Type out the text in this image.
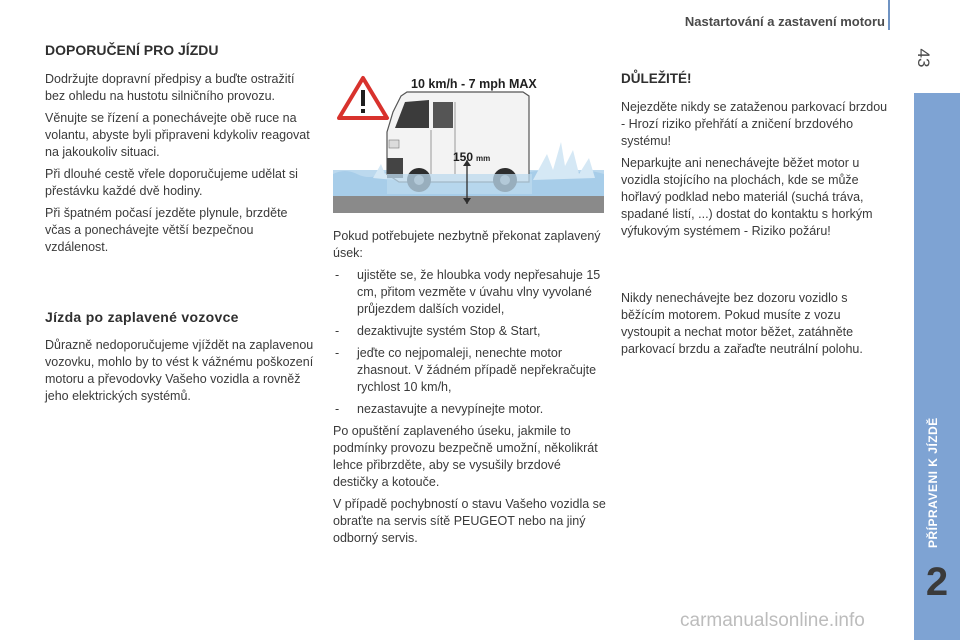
Nastartování a zastavení motoru
43
PŘÍPRAVENI K JÍZDĚ
2
DOPORUČENÍ PRO JÍZDU

Dodržujte dopravní předpisy a buďte ostražití bez ohledu na hustotu silničního provozu.

Věnujte se řízení a ponechávejte obě ruce na volantu, abyste byli připraveni kdykoliv reagovat na jakoukoliv situaci.

Při dlouhé cestě vřele doporučujeme udělat si přestávku každé dvě hodiny.

Při špatném počasí jezděte plynule, brzděte včas a ponechávejte větší bezpečnou vzdálenost.

Jízda po zaplavené vozovce

Důrazně nedoporučujeme vjíždět na zaplavenou vozovku, mohlo by to vést k vážnému poškození motoru a převodovky Vašeho vozidla a rovněž jeho elektrických systémů.

10 km/h - 7 mph MAX
150 mm

Pokud potřebujete nezbytně překonat zaplavený úsek:

- ujistěte se, že hloubka vody nepřesahuje 15 cm, přitom vezměte v úvahu vlny vyvolané průjezdem dalších vozidel,
- dezaktivujte systém Stop & Start,
- jeďte co nejpomaleji, nenechte motor zhasnout. V žádném případě nepřekračujte rychlost 10 km/h,
- nezastavujte a nevypínejte motor.

Po opuštění zaplaveného úseku, jakmile to podmínky provozu bezpečně umožní, několikrát lehce přibrzděte, aby se vysušily brzdové destičky a kotouče.

V případě pochybností o stavu Vašeho vozidla se obraťte na servis sítě PEUGEOT nebo na jiný odborný servis.

DŮLEŽITÉ!

Nejezděte nikdy se zataženou parkovací brzdou - Hrozí riziko přehřátí a zničení brzdového systému!

Neparkujte ani nenechávejte běžet motor u vozidla stojícího na plochách, kde se může hořlavý podklad nebo materiál (suchá tráva, spadané listí, ...) dostat do kontaktu s horkým výfukovým systémem - Riziko požáru!

Nikdy nenechávejte bez dozoru vozidlo s běžícím motorem. Pokud musíte z vozu vystoupit a nechat motor běžet, zatáhněte parkovací brzdu a zařaďte neutrální polohu.

carmanualsonline.info
